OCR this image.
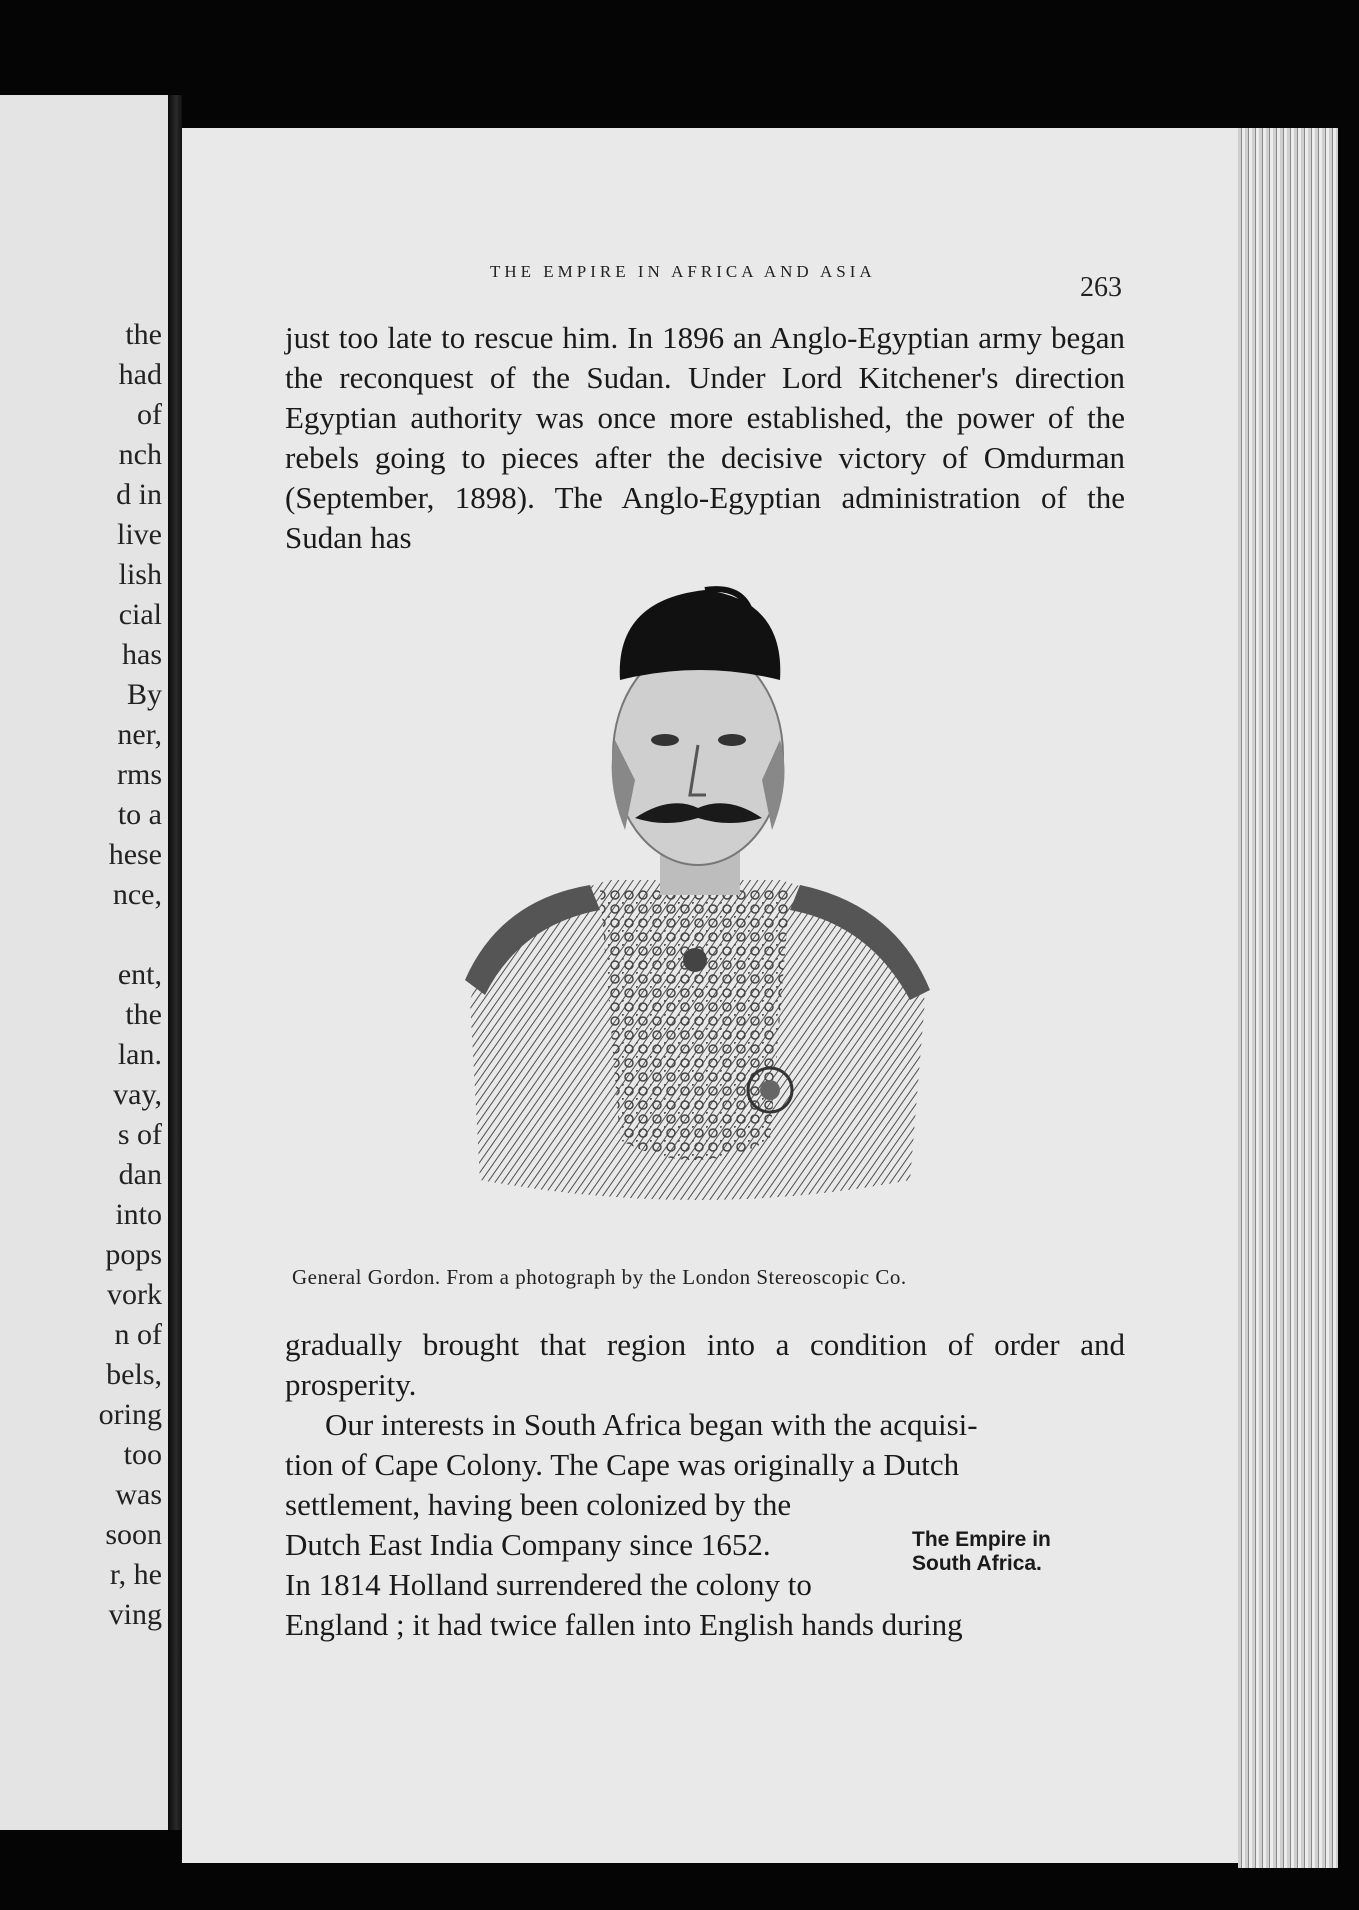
the
had
of
nch
d in
live
lish
cial
has
By
ner,
rms
to a
hese
nce,
ent,
the
lan.
vay,
s of
dan
into
pops
vork
n of
bels,
oring
too
was
soon
r, he
ving
THE EMPIRE IN AFRICA AND ASIA
263

just too late to rescue him. In 1896 an Anglo-Egyptian army began the reconquest of the Sudan. Under Lord Kitchener's direction Egyptian authority was once more established, the power of the rebels going to pieces after the decisive victory of Omdurman (September, 1898). The Anglo-Egyptian administration of the Sudan has

General Gordon. From a photograph by the London Stereoscopic Co.

gradually brought that region into a condition of order and prosperity.

Our interests in South Africa began with the acquisi-

tion of Cape Colony. The Cape was originally a Dutch

settlement, having been colonized by the

Dutch East India Company since 1652.

In 1814 Holland surrendered the colony to

England ; it had twice fallen into English hands during

The Empire in
South Africa.
